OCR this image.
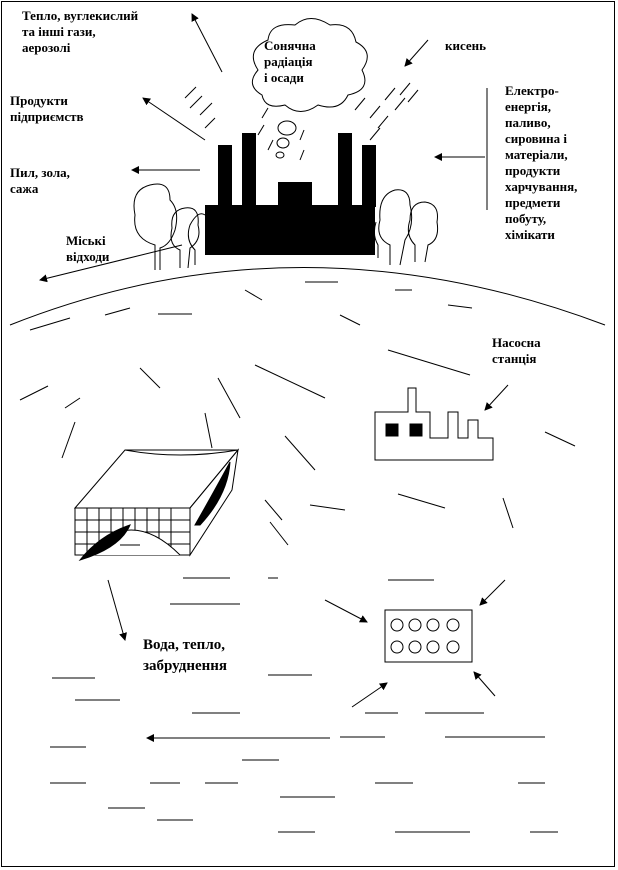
Тепло, вуглекислий
та інші гази,
аерозолі	Сонячна
радіація
і осади
кисень
Продукти
підприємств
Пил, зола,
сажа
Міські
відходи
Електро-
енергія,
паливо,
сировина і
матеріали,
продукти
харчування,
предмети
побуту,
хімікати
Насосна
станція
Вода, тепло,
забруднення
